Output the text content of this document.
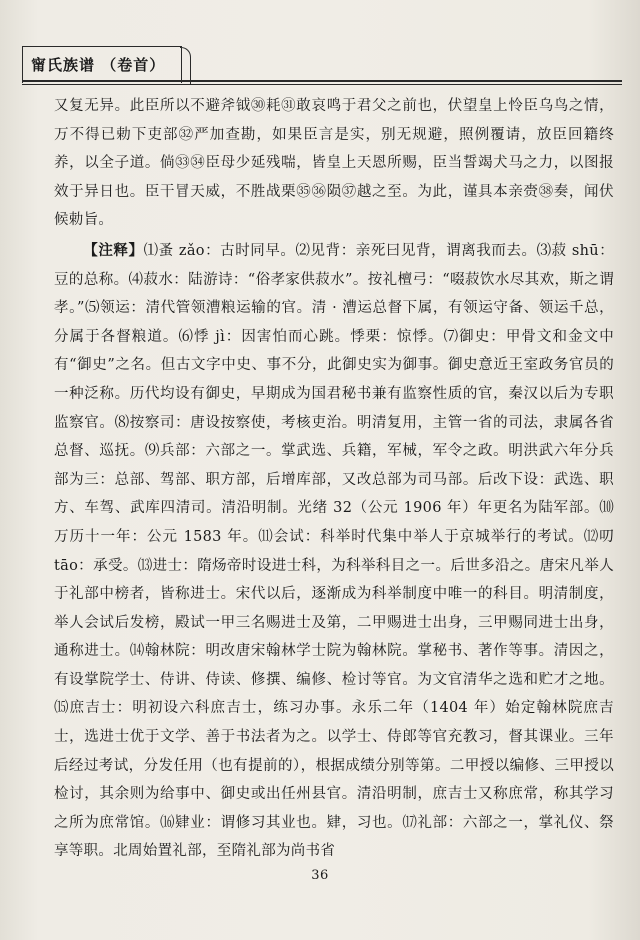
甯氏族谱 （卷首）

又复无异。此臣所以不避斧钺㉚耗㉛敢哀鸣于君父之前也，伏望皇上怜臣乌鸟之情，万不得已勅下吏部㉜严加查勘，如果臣言是实，别无规避，照例覆请，放臣回籍终养，以全子道。倘㉝㉞臣母少延残喘，皆皇上天恩所赐，臣当誓竭犬马之力，以图报效于异日也。臣干冒天威，不胜战栗㉟㊱陨㊲越之至。为此，谨具本亲赍㊳奏，闻伏候勅旨。

【注释】⑴蚤 zǎo：古时同早。⑵见背：亲死曰见背，谓离我而去。⑶菽 shū：豆的总称。⑷菽水：陆游诗：“俗孝家供菽水”。按礼檀弓：“啜菽饮水尽其欢，斯之谓孝。”⑸领运：清代管领漕粮运输的官。清 · 漕运总督下属，有领运守备、领运千总，分属于各督粮道。⑹悸 jì：因害怕而心跳。悸栗：惊悸。⑺御史：甲骨文和金文中有“御史”之名。但古文字中史、事不分，此御史实为御事。御史意近王室政务官员的一种泛称。历代均设有御史，早期成为国君秘书兼有监察性质的官，秦汉以后为专职监察官。⑻按察司：唐设按察使，考核吏治。明清复用，主管一省的司法，隶属各省总督、巡抚。⑼兵部：六部之一。掌武选、兵籍，军械，军令之政。明洪武六年分兵部为三：总部、驾部、职方部，后增库部，又改总部为司马部。后改下设：武选、职方、车驾、武库四清司。清沿明制。光绪 32（公元 1906 年）年更名为陆军部。⑽万历十一年：公元 1583 年。⑾会试：科举时代集中举人于京城举行的考试。⑿叨 tāo：承受。⒀进士：隋炀帝时设进士科，为科举科目之一。后世多沿之。唐宋凡举人于礼部中榜者，皆称进士。宋代以后，逐渐成为科举制度中唯一的科目。明清制度，举人会试后发榜，殿试一甲三名赐进士及第，二甲赐进士出身，三甲赐同进士出身，通称进士。⒁翰林院：明改唐宋翰林学士院为翰林院。掌秘书、著作等事。清因之，有设掌院学士、侍讲、侍读、修撰、编修、检讨等官。为文官清华之选和贮才之地。⒂庶吉士：明初设六科庶吉士，练习办事。永乐二年（1404 年）始定翰林院庶吉士，选进士优于文学、善于书法者为之。以学士、侍郎等官充教习，督其课业。三年后经过考试，分发任用（也有提前的），根据成绩分别等第。二甲授以编修、三甲授以检讨，其余则为给事中、御史或出任州县官。清沿明制，庶吉士又称庶常，称其学习之所为庶常馆。⒃肄业：谓修习其业也。肄，习也。⒄礼部：六部之一，掌礼仪、祭享等职。北周始置礼部，至隋礼部为尚书省

36
